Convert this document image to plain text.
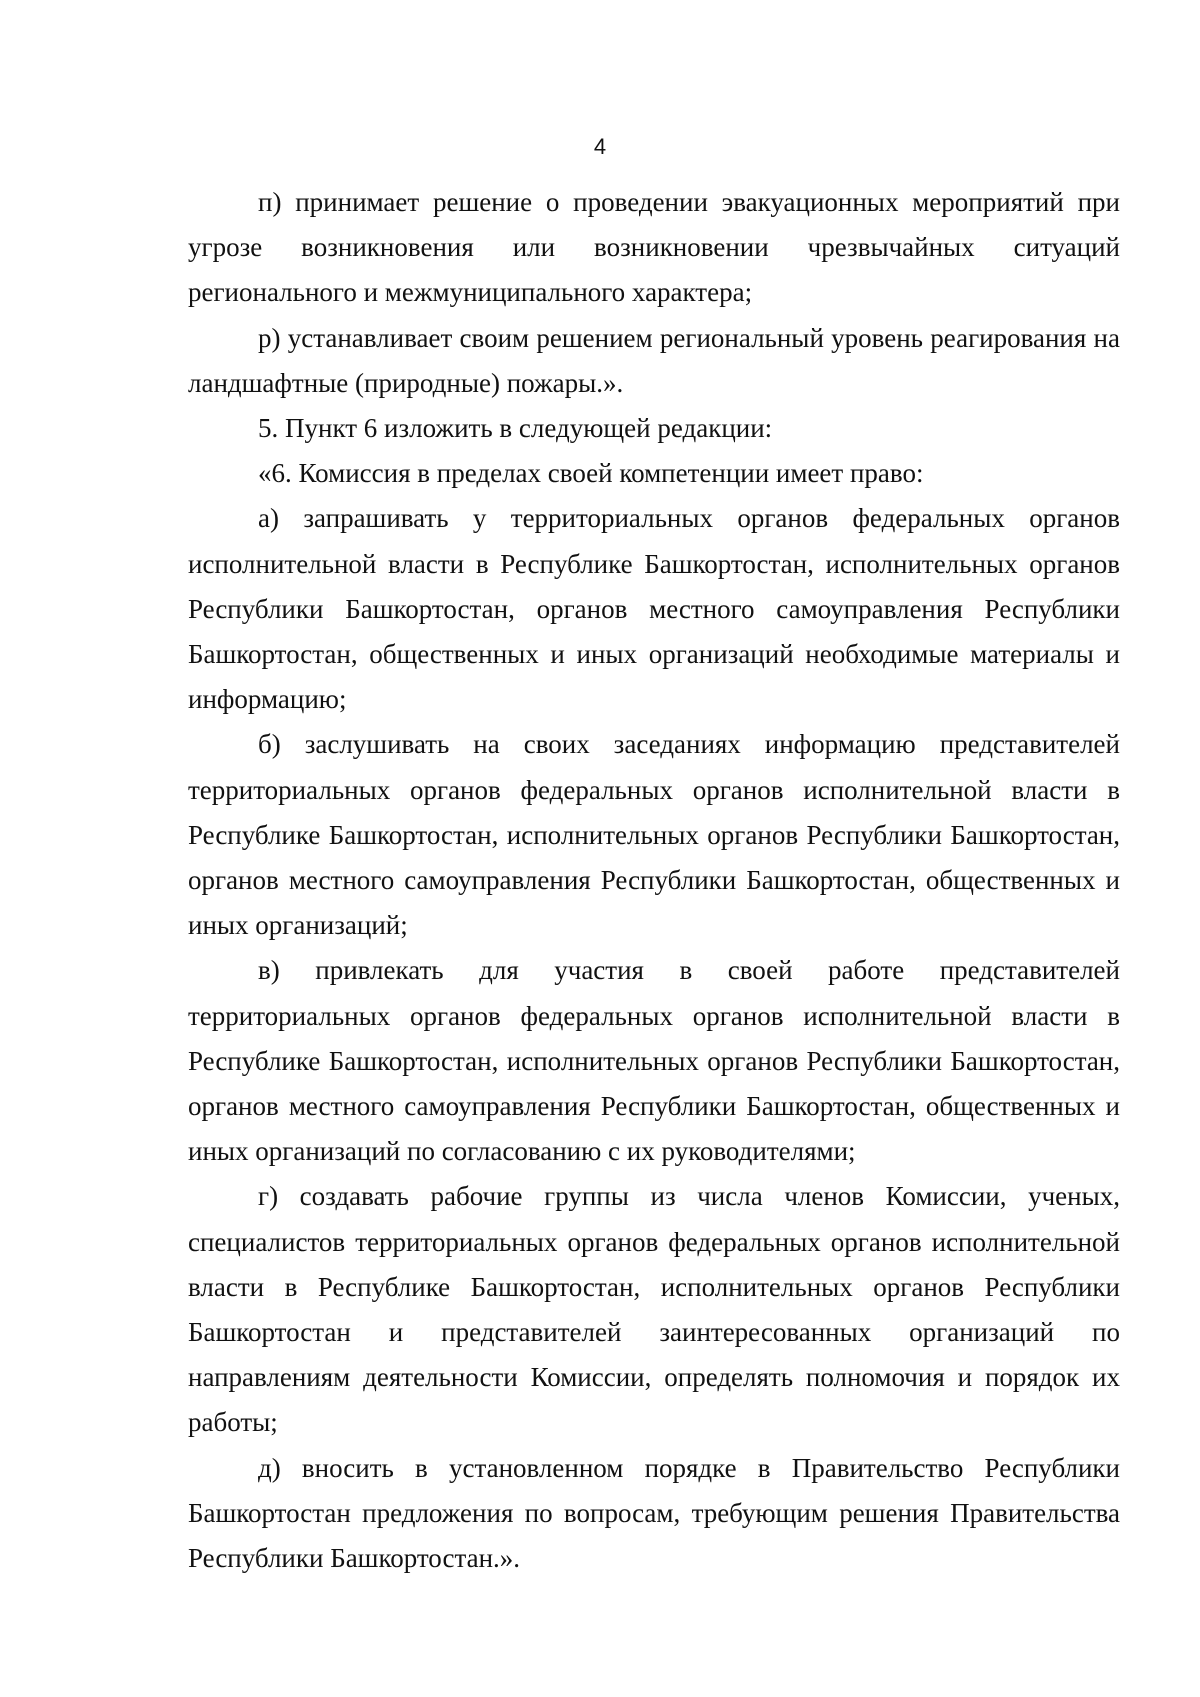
4

п) принимает решение о проведении эвакуационных мероприятий при угрозе возникновения или возникновении чрезвычайных ситуаций регионального и межмуниципального характера;

р) устанавливает своим решением региональный уровень реагирования на ландшафтные (природные) пожары.».

5. Пункт 6 изложить в следующей редакции:

«6. Комиссия в пределах своей компетенции имеет право:

а) запрашивать у территориальных органов федеральных органов исполнительной власти в Республике Башкортостан, исполнительных органов Республики Башкортостан, органов местного самоуправления Республики Башкортостан, общественных и иных организаций необходимые материалы и информацию;

б) заслушивать на своих заседаниях информацию представителей территориальных органов федеральных органов исполнительной власти в Республике Башкортостан, исполнительных органов Республики Башкортостан, органов местного самоуправления Республики Башкортостан, общественных и иных организаций;

в) привлекать для участия в своей работе представителей территориальных органов федеральных органов исполнительной власти в Республике Башкортостан, исполнительных органов Республики Башкортостан, органов местного самоуправления Республики Башкортостан, общественных и иных организаций по согласованию с их руководителями;

г) создавать рабочие группы из числа членов Комиссии, ученых, специалистов территориальных органов федеральных органов исполнительной власти в Республике Башкортостан, исполнительных органов Республики Башкортостан и представителей заинтересованных организаций по направлениям деятельности Комиссии, определять полномочия и порядок их работы;

д) вносить в установленном порядке в Правительство Республики Башкортостан предложения по вопросам, требующим решения Правительства Республики Башкортостан.».
